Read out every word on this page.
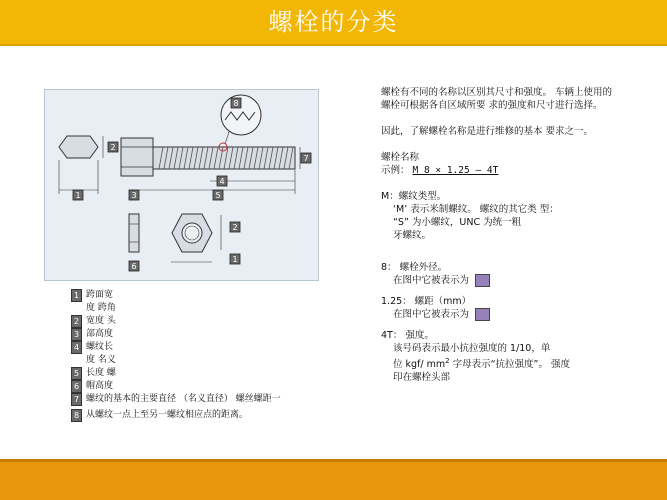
螺栓的分类
1
2
3
4
5
6
7
8
2
1
1 跨面宽
度 跨角
2 宽度 头
3 部高度
4 螺纹长
度 名义
5 长度 螺
6 帽高度
7 螺纹的基本的主要直径 （名义直径） 螺丝螺距一
8 从螺纹一点上至另一螺纹相应点的距离。

螺栓有不同的名称以区别其尺寸和强度。 车辆上使用的螺栓可根据各自区域所要 求的强度和尺寸进行选择。

因此，了解螺栓名称是进行维修的基本 要求之一。

螺栓名称

示例： M 8 × 1.25 – 4T

M：螺纹类型。

‘M’ 表示米制螺纹。 螺纹的其它类 型：

“S” 为小螺纹，UNC 为统一粗

牙螺纹。

8： 螺栓外径。

在图中它被表示为

1.25： 螺距（mm）

在图中它被表示为

4T： 强度。

该号码表示最小抗拉强度的 1/10，单

位 kgf/ $mm^2$ 字母表示“抗拉强度”。 强度

印在螺栓头部
